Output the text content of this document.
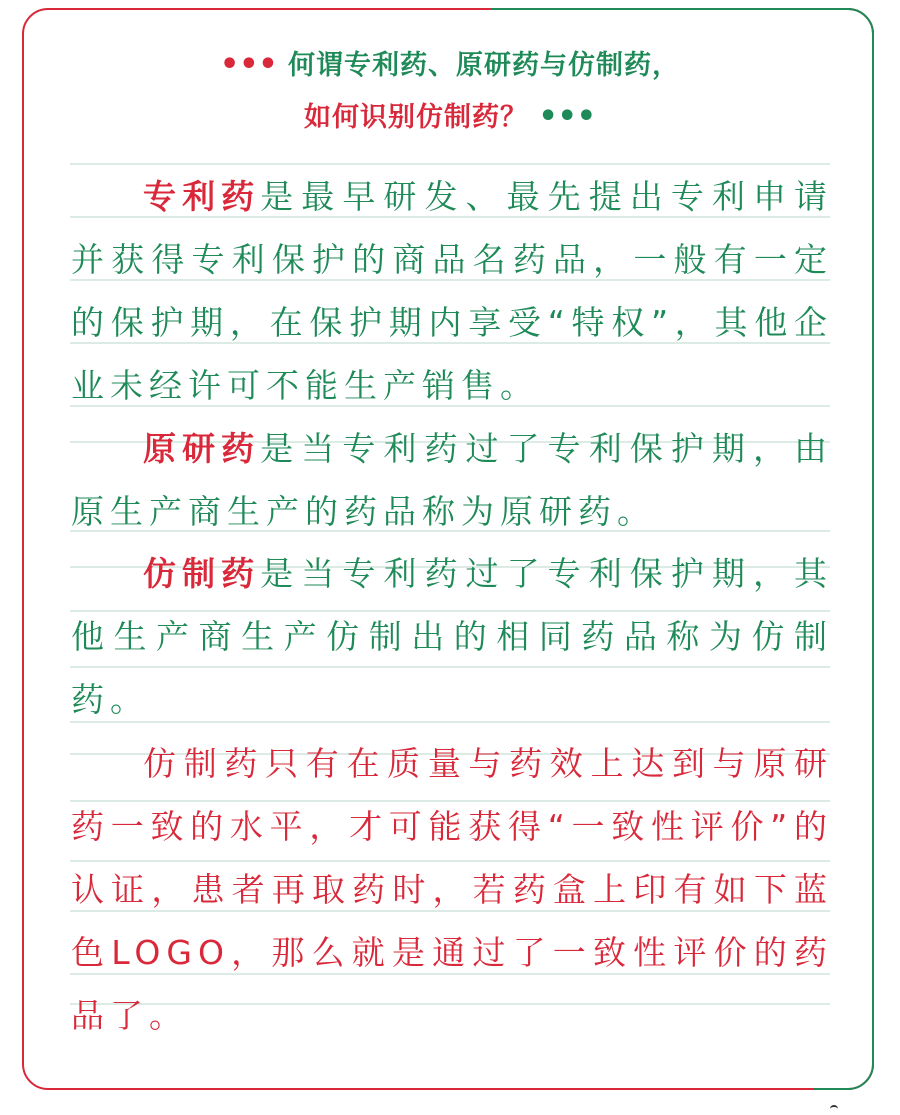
••• 何谓专利药、原研药与仿制药，
如何识别仿制药？ •••

专利药是最早研发、最先提出专利申请并获得专利保护的商品名药品，一般有一定的保护期，在保护期内享受“特权”，其他企业未经许可不能生产销售。

原研药是当专利药过了专利保护期，由原生产商生产的药品称为原研药。

仿制药是当专利药过了专利保护期，其他生产商生产仿制出的相同药品称为仿制药。

仿制药只有在质量与药效上达到与原研药一致的水平，才可能获得“一致性评价”的认证，患者再取药时，若药盒上印有如下蓝色LOGO，那么就是通过了一致性评价的药品了。
